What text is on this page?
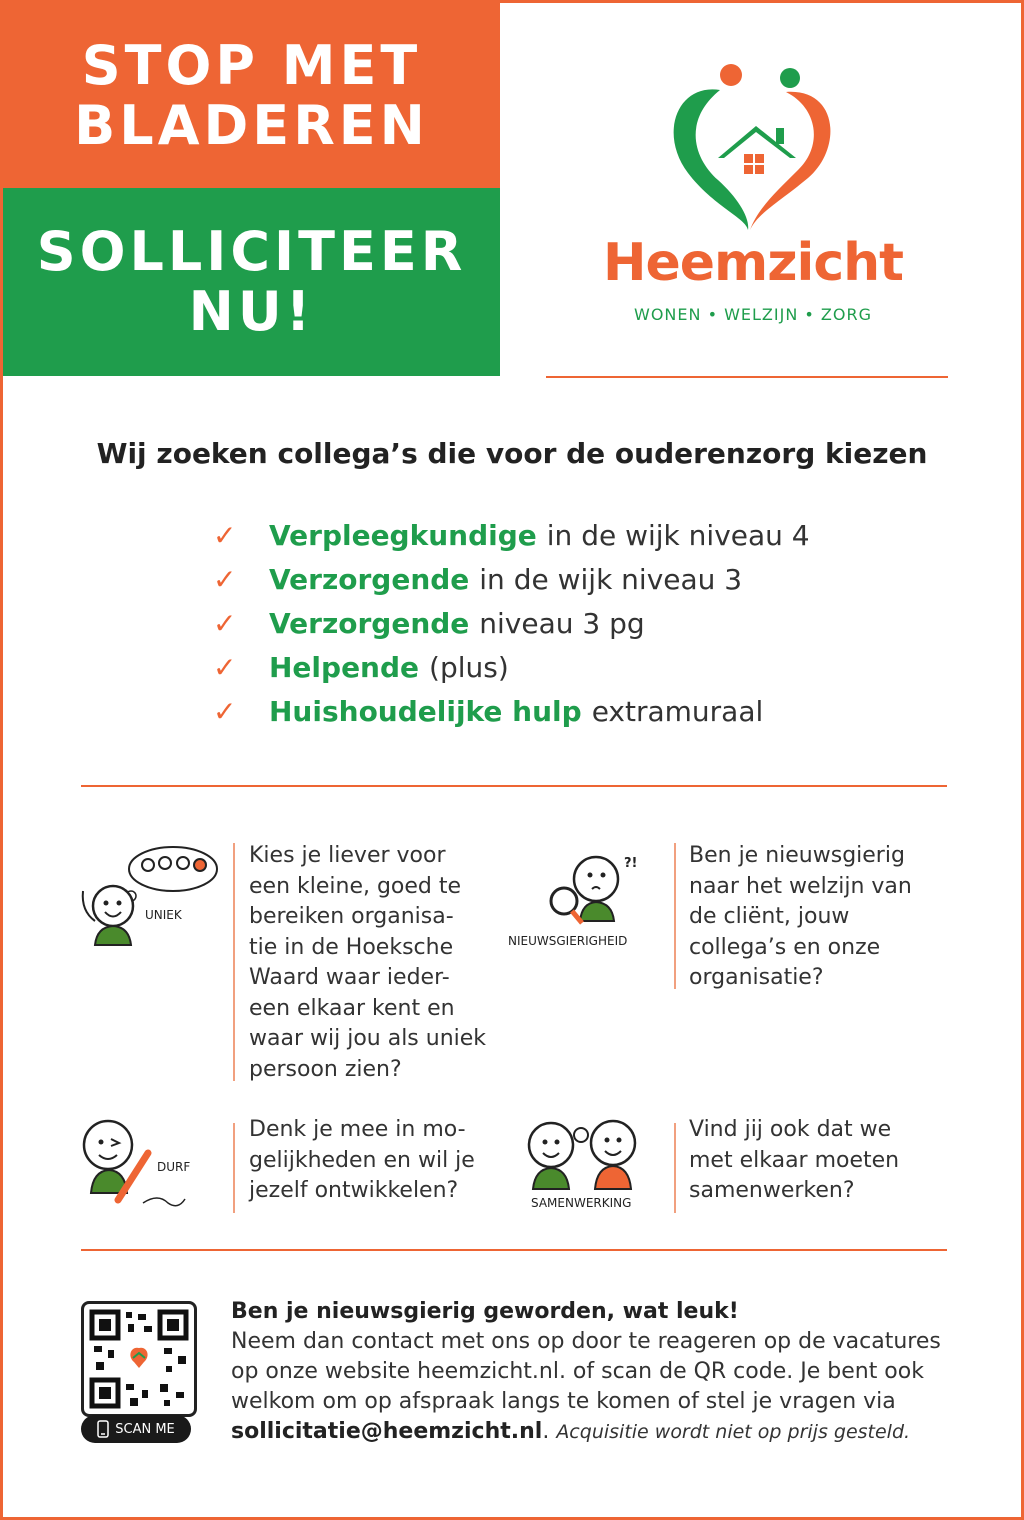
STOP MET
BLADEREN
SOLLICITEER
NU!
Heemzicht
WONEN • WELZIJN • ZORG
Wij zoeken collega’s die voor de ouderenzorg kiezen
✓	Verpleegkundige in de wijk niveau 4
✓	Verzorgende in de wijk niveau 3
✓	Verzorgende niveau 3 pg
✓	Helpende (plus)
✓	Huishoudelijke hulp extramuraal
UNIEK
Kies je liever voor
een kleine, goed te
bereiken organisa-
tie in de Hoeksche
Waard waar ieder-
een elkaar kent en
waar wij jou als uniek
persoon zien?
?!
NIEUWSGIERIGHEID
Ben je nieuwsgierig
naar het welzijn van
de cliënt, jouw
collega’s en onze
organisatie?
DURF
Denk je mee in mo-
gelijkheden en wil je
jezelf ontwikkelen?	SAMENWERKING
Vind jij ook dat we
met elkaar moeten
samenwerken?
SCAN ME
Ben je nieuwsgierig geworden, wat leuk!
Neem dan contact met ons op door te reageren op de vacatures
op onze website heemzicht.nl. of scan de QR code. Je bent ook
welkom om op afspraak langs te komen of stel je vragen via
sollicitatie@heemzicht.nl. Acquisitie wordt niet op prijs gesteld.
